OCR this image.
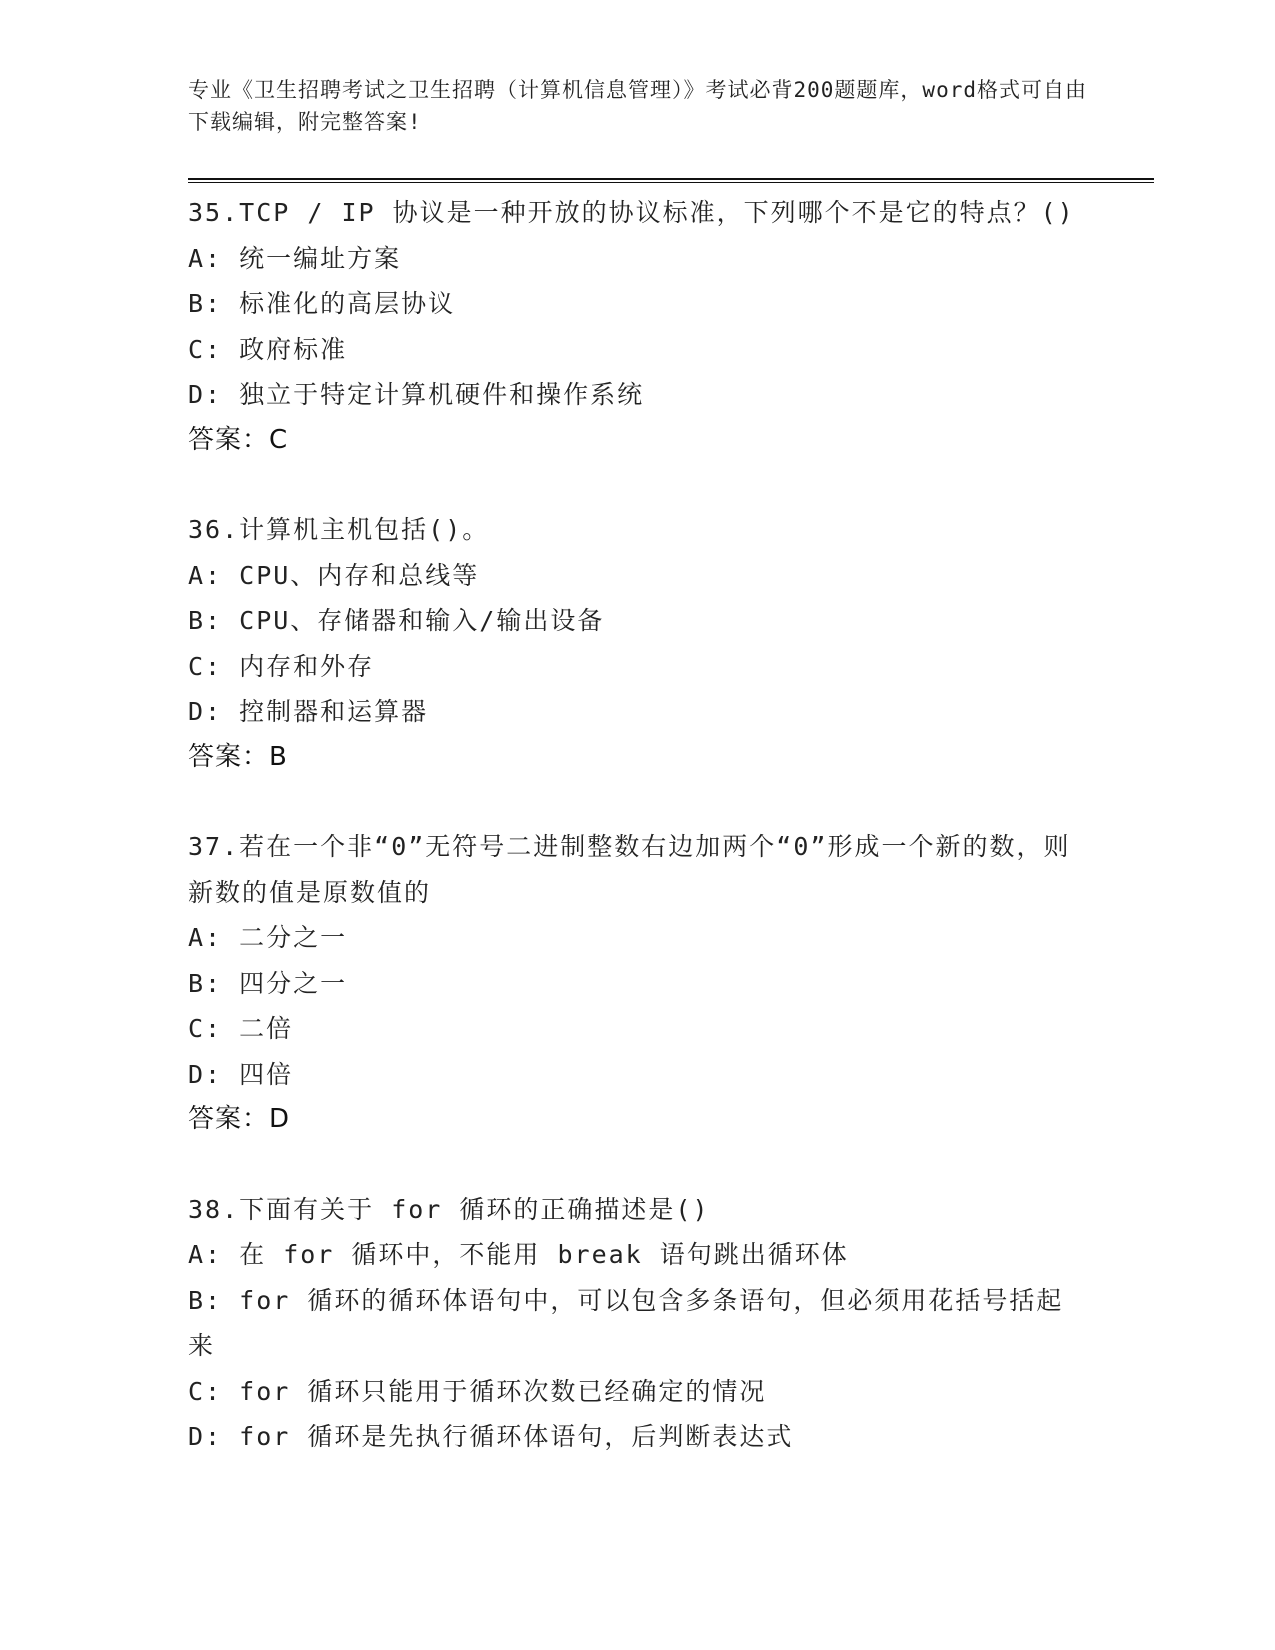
专业《卫生招聘考试之卫生招聘（计算机信息管理）》考试必背200题题库，word格式可自由下载编辑，附完整答案!
35.TCP / IP 协议是一种开放的协议标准，下列哪个不是它的特点？()
A: 统一编址方案
B: 标准化的高层协议
C: 政府标准
D: 独立于特定计算机硬件和操作系统
答案：C
36.计算机主机包括()。
A: CPU、内存和总线等
B: CPU、存储器和输入/输出设备
C: 内存和外存
D: 控制器和运算器
答案：B
37.若在一个非“0”无符号二进制整数右边加两个“0”形成一个新的数，则新数的值是原数值的
A: 二分之一
B: 四分之一
C: 二倍
D: 四倍
答案：D
38.下面有关于 for 循环的正确描述是()
A: 在 for 循环中，不能用 break 语句跳出循环体
B: for 循环的循环体语句中，可以包含多条语句，但必须用花括号括起来
C: for 循环只能用于循环次数已经确定的情况
D: for 循环是先执行循环体语句，后判断表达式
